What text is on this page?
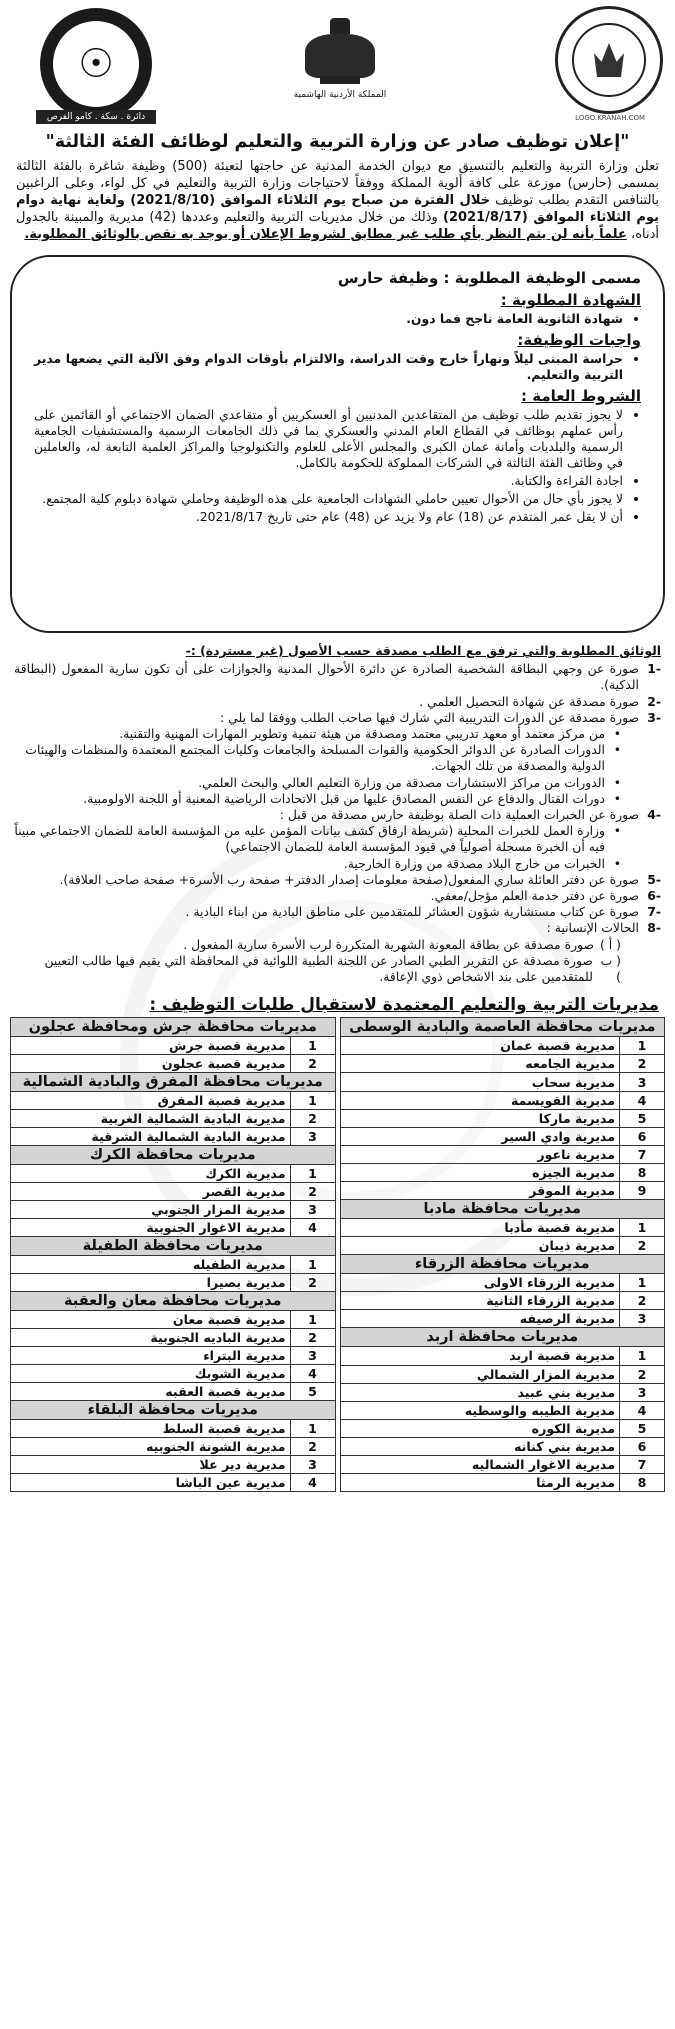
المملكة الأردنية الهاشمية
☉
دائرة . سكة . كامو الفرص	LOGO.KRANAH.COM
"إعلان توظيف صادر عن وزارة التربية والتعليم لوظائف الفئة الثالثة"
تعلن وزارة التربية والتعليم بالتنسيق مع ديوان الخدمة المدنية عن حاجتها لتعبئة (500) وظيفة شاغرة بالفئة الثالثة بمسمى (حارس) موزعة على كافة ألوية المملكة ووفقاً لاحتياجات وزارة التربية والتعليم في كل لواء، وعلى الراغبين بالتنافس التقدم بطلب توظيف خلال الفترة من صباح يوم الثلاثاء الموافق (2021/8/10) ولغاية نهاية دوام يوم الثلاثاء الموافق (2021/8/17) وذلك من خلال مديريات التربية والتعليم وعددها (42) مديرية والمبينة بالجدول أدناه، علماً بأنه لن يتم النظر بأي طلب غير مطابق لشروط الإعلان أو يوجد به نقص بالوثائق المطلوبة.
مسمى الوظيفة المطلوبة : وظيفة حارس
الشهادة المطلوبة :
• شهادة الثانوية العامة ناجح فما دون.
واجبات الوظيفة:
• حراسة المبنى ليلاً ونهاراً خارج وقت الدراسة، والالتزام بأوقات الدوام وفق الآلية التي يضعها مدير التربية والتعليم.
الشروط العامة :
• لا يجوز تقديم طلب توظيف من المتقاعدين المدنيين أو العسكريين أو متقاعدي الضمان الاجتماعي أو القائمين على رأس عملهم بوظائف في القطاع العام المدني والعسكري بما في ذلك الجامعات الرسمية والمستشفيات الجامعية الرسمية والبلديات وأمانة عمان الكبرى والمجلس الأعلى للعلوم والتكنولوجيا والمراكز العلمية التابعة له، والعاملين في وظائف الفئة الثالثة في الشركات المملوكة للحكومة بالكامل.
• اجادة القراءة والكتابة.
• لا يجوز بأي حال من الأحوال تعيين حاملي الشهادات الجامعية على هذه الوظيفة وحاملي شهادة دبلوم كلية المجتمع.
• أن لا يقل عمر المتقدم عن (18) عام ولا يزيد عن (48) عام حتى تاريخ 2021/8/17.
الوثائق المطلوبة والتي ترفق مع الطلب مصدقة حسب الأصول (غير مستردة) :-
-1
صورة عن وجهي البطاقة الشخصية الصادرة عن دائرة الأحوال المدنية والجوازات على أن تكون سارية المفعول (البطاقة الذكية).
-2
صورة مصدقة عن شهادة التحصيل العلمي .
-3
صورة مصدقة عن الدورات التدريبية التي شارك فيها صاحب الطلب ووفقا لما يلي :
•
من مركز معتمد أو معهد تدريبي معتمد ومصدقة من هيئة تنمية وتطوير المهارات المهنية والتقنية.
•
الدورات الصادرة عن الدوائر الحكومية والقوات المسلحة والجامعات وكليات المجتمع المعتمدة والمنظمات والهيئات الدولية والمصدقة من تلك الجهات.
•
الدورات من مراكز الاستشارات مصدقة من وزارة التعليم العالي والبحث العلمي.
•
دورات القتال والدفاع عن النفس المصادق عليها من قبل الاتحادات الرياضية المعنية أو اللجنة الاولومبية.
-4
صورة عن الخبرات العملية ذات الصلة بوظيفة حارس مصدقة من قبل :
•
وزارة العمل للخبرات المحلية (شريطة ارفاق كشف بيانات المؤمن عليه من المؤسسة العامة للضمان الاجتماعي مبيناً فيه أن الخبرة مسجلة أصولياً في قيود المؤسسة العامة للضمان الاجتماعي)
•
الخبرات من خارج البلاد مصدقة من وزارة الخارجية.
-5
صورة عن دفتر العائلة ساري المفعول(صفحة معلومات إصدار الدفتر+ صفحة رب الأسرة+ صفحة صاحب العلاقة).
-6
صورة عن دفتر خدمة العلم مؤجل/معفي.
-7
صورة عن كتاب مستشارية شؤون العشائر للمتقدمين على مناطق البادية من ابناء البادية .
-8
الحالات الإنسانية :
( أ )
صورة مصدقة عن بطاقة المعونة الشهرية المتكررة لرب الأسرة سارية المفعول .
( ب )
صورة مصدقة عن التقرير الطبي الصادر عن اللجنة الطبية اللوائية في المحافظة التي يقيم فيها طالب التعيين للمتقدمين على بند الاشخاص ذوي الإعاقة.
مديريات التربية والتعليم المعتمدة لاستقبال طلبات التوظيف :
مديريات محافظة العاصمة والبادية الوسطى	
1	مديرية قصبة عمان
2	مديرية الجامعه
3	مديرية سحاب
4	مديرية القويسمة
5	مديرية ماركا
6	مديرية وادي السير
7	مديرية ناعور
8	مديرية الجيزه
9	مديرية الموقر
مديريات محافظة مادبا	
1	مديرية قصبة مأدبا
2	مديرية ذيبان
مديريات محافظة الزرقاء	
1	مديرية الزرقاء الاولى
2	مديرية الزرقاء الثانية
3	مديرية الرصيفه
مديريات محافظة اربد	
1	مديرية قصبة اربد
2	مديرية المزار الشمالي
3	مديرية بني عبيد
4	مديرية الطيبه والوسطيه
5	مديرية الكوره
6	مديرية بني كنانه
7	مديرية الاغوار الشماليه
8	مديرية الرمثا
مديريات محافظة جرش ومحافظة عجلون	
1	مديرية قصبة جرش
2	مديرية قصبة عجلون
مديريات محافظة المفرق والبادية الشمالية	
1	مديرية قصبة المفرق
2	مديرية البادية الشمالية الغربية
3	مديرية البادية الشمالية الشرقية
مديريات محافظة الكرك	
1	مديرية الكرك
2	مديرية القصر
3	مديرية المزار الجنوبي
4	مديرية الاغوار الجنوبية
مديريات محافظة الطفيلة	
1	مديرية الطفيله
2	مديرية بصيرا
مديريات محافظة معان والعقبة	
1	مديرية قصبة معان
2	مديرية الباديه الجنوبية
3	مديرية البتراء
4	مديرية الشوبك
5	مديرية قصبة العقبه
مديريات محافظة البلقاء	
1	مديرية قصبة السلط
2	مديرية الشونة الجنوبيه
3	مديرية دير علا
4	مديرية عين الباشا
